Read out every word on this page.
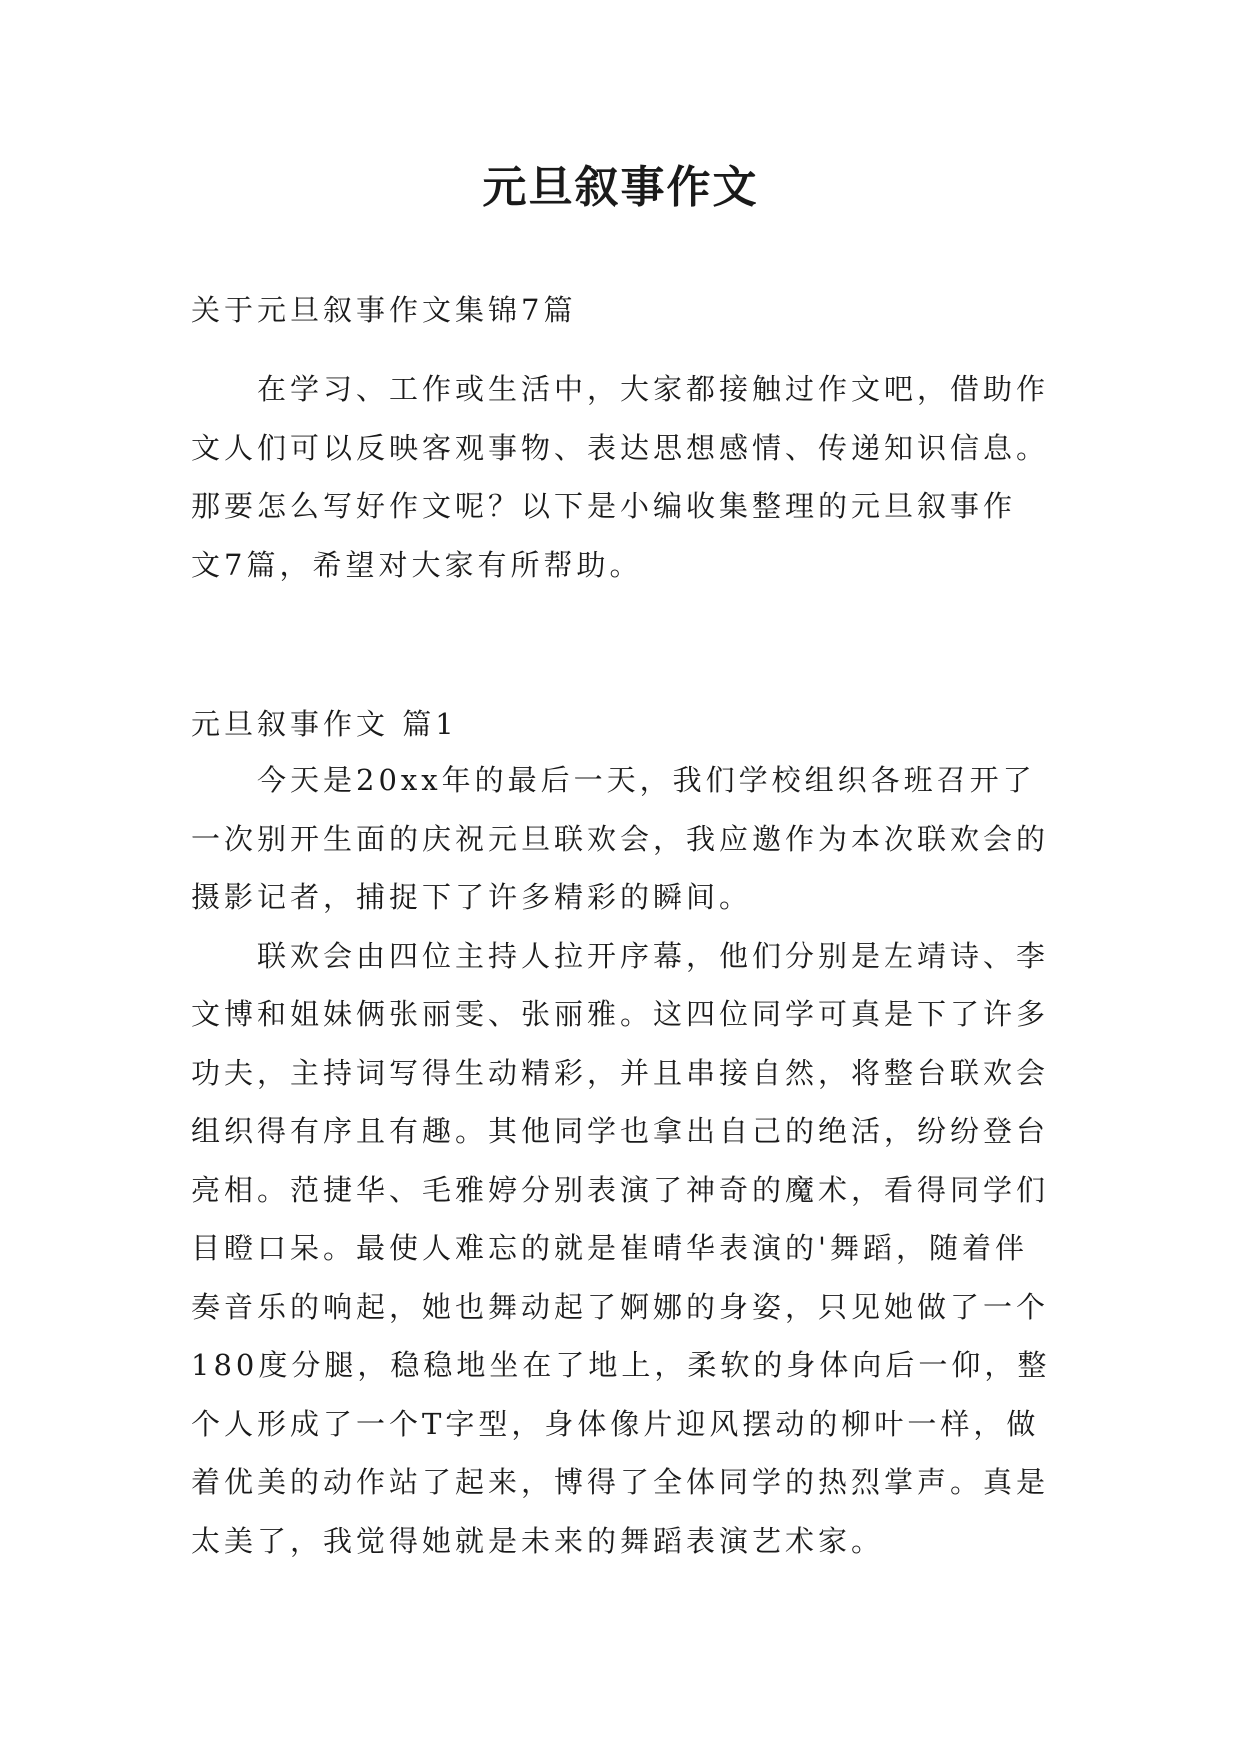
元旦叙事作文
关于元旦叙事作文集锦7篇

在学习、工作或生活中，大家都接触过作文吧，借助作
文人们可以反映客观事物、表达思想感情、传递知识信息。
那要怎么写好作文呢？以下是小编收集整理的元旦叙事作
文7篇，希望对大家有所帮助。

元旦叙事作文 篇1

今天是20xx年的最后一天，我们学校组织各班召开了
一次别开生面的庆祝元旦联欢会，我应邀作为本次联欢会的
摄影记者，捕捉下了许多精彩的瞬间。

联欢会由四位主持人拉开序幕，他们分别是左靖诗、李
文博和姐妹俩张丽雯、张丽雅。这四位同学可真是下了许多
功夫，主持词写得生动精彩，并且串接自然，将整台联欢会
组织得有序且有趣。其他同学也拿出自己的绝活，纷纷登台
亮相。范捷华、毛雅婷分别表演了神奇的魔术，看得同学们
目瞪口呆。最使人难忘的就是崔晴华表演的'舞蹈，随着伴
奏音乐的响起，她也舞动起了婀娜的身姿，只见她做了一个
180度分腿，稳稳地坐在了地上，柔软的身体向后一仰，整
个人形成了一个T字型，身体像片迎风摆动的柳叶一样，做
着优美的动作站了起来，博得了全体同学的热烈掌声。真是
太美了，我觉得她就是未来的舞蹈表演艺术家。
